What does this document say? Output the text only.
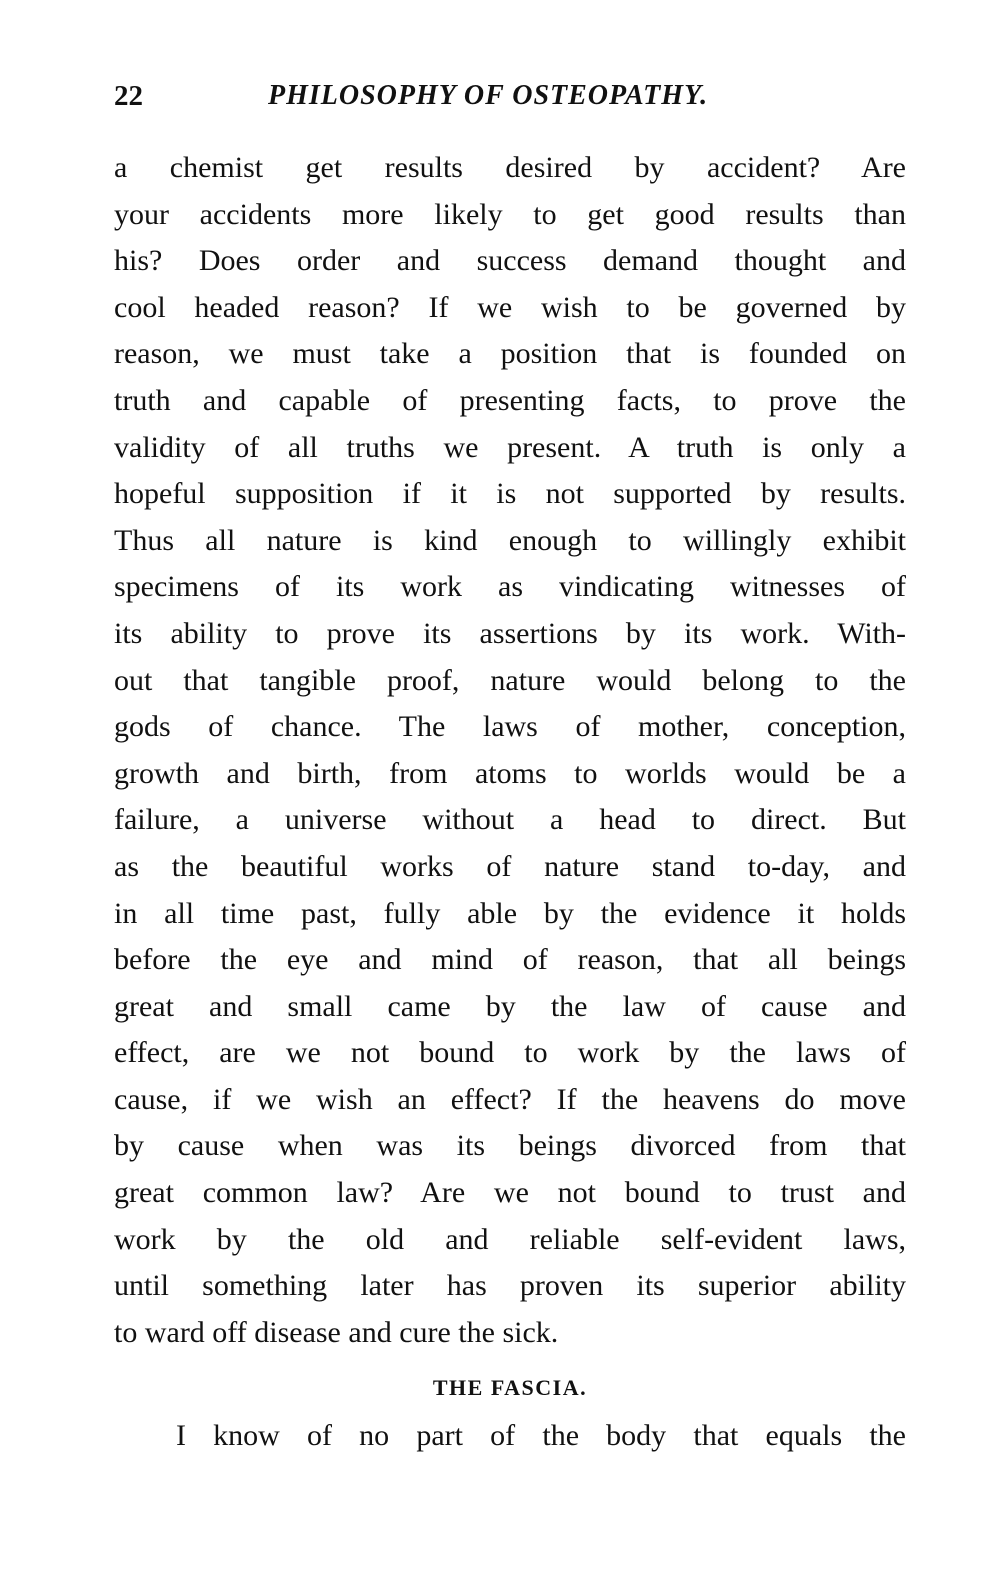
22	PHILOSOPHY OF OSTEOPATHY.
a chemist get results desired by accident? Are
your accidents more likely to get good results than
his? Does order and success demand thought and
cool headed reason? If we wish to be governed by
reason, we must take a position that is founded on
truth and capable of presenting facts, to prove the
validity of all truths we present. A truth is only a
hopeful supposition if it is not supported by results.
Thus all nature is kind enough to willingly exhibit
specimens of its work as vindicating witnesses of
its ability to prove its assertions by its work. With-
out that tangible proof, nature would belong to the
gods of chance. The laws of mother, conception,
growth and birth, from atoms to worlds would be a
failure, a universe without a head to direct. But
as the beautiful works of nature stand to-day, and
in all time past, fully able by the evidence it holds
before the eye and mind of reason, that all beings
great and small came by the law of cause and
effect, are we not bound to work by the laws of
cause, if we wish an effect? If the heavens do move
by cause when was its beings divorced from that
great common law? Are we not bound to trust and
work by the old and reliable self-evident laws,
until something later has proven its superior ability
to ward off disease and cure the sick.
THE FASCIA.
I know of no part of the body that equals the
